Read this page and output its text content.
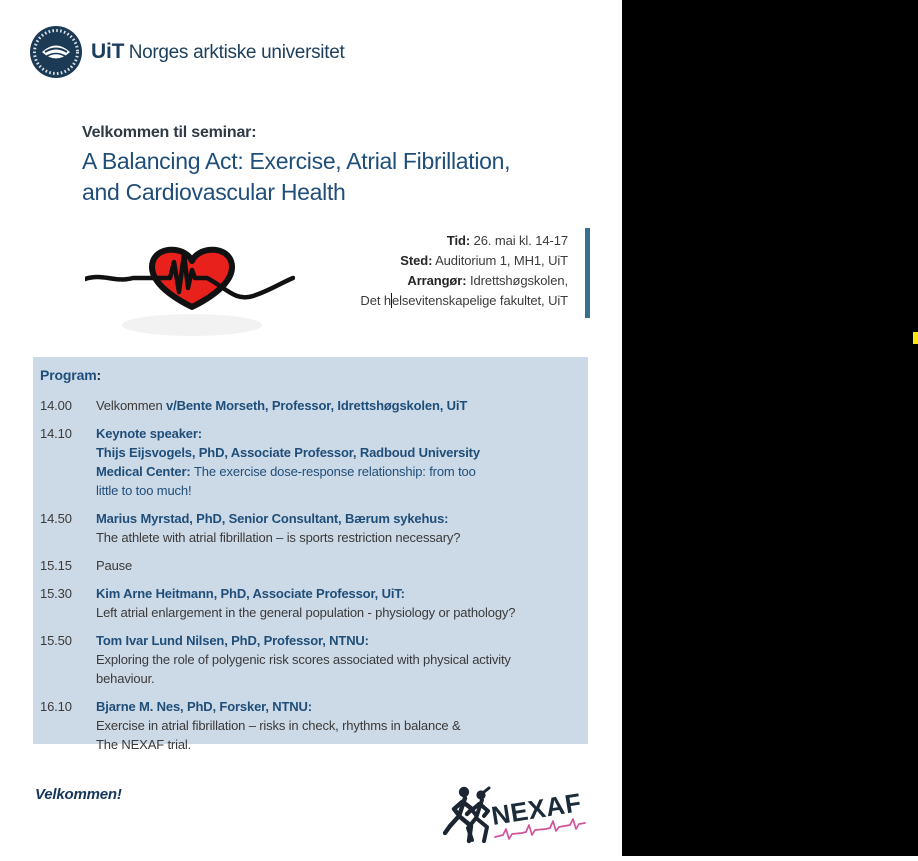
UiT Norges arktiske universitet
Velkommen til seminar:
A Balancing Act: Exercise, Atrial Fibrillation,
and Cardiovascular Health
Tid: 26. mai kl. 14-17
Sted: Auditorium 1, MH1, UiT
Arrangør: Idrettshøgskolen,
Det helsevitenskapelige fakultet, UiT
Program:
14.00	Velkommen v/Bente Morseth, Professor, Idrettshøgskolen, UiT
14.10	Keynote speaker:
Thijs Eijsvogels, PhD, Associate Professor, Radboud University
Medical Center: The exercise dose-response relationship: from too
little to too much!
14.50	Marius Myrstad, PhD, Senior Consultant, Bærum sykehus:
The athlete with atrial fibrillation – is sports restriction necessary?
15.15	Pause
15.30	Kim Arne Heitmann, PhD, Associate Professor, UiT:
Left atrial enlargement in the general population - physiology or pathology?
15.50	Tom Ivar Lund Nilsen, PhD, Professor, NTNU:
Exploring the role of polygenic risk scores associated with physical activity
behaviour.
16.10	Bjarne M. Nes, PhD, Forsker, NTNU:
Exercise in atrial fibrillation – risks in check, rhythms in balance &
The NEXAF trial.
Velkommen!	NEXAF
